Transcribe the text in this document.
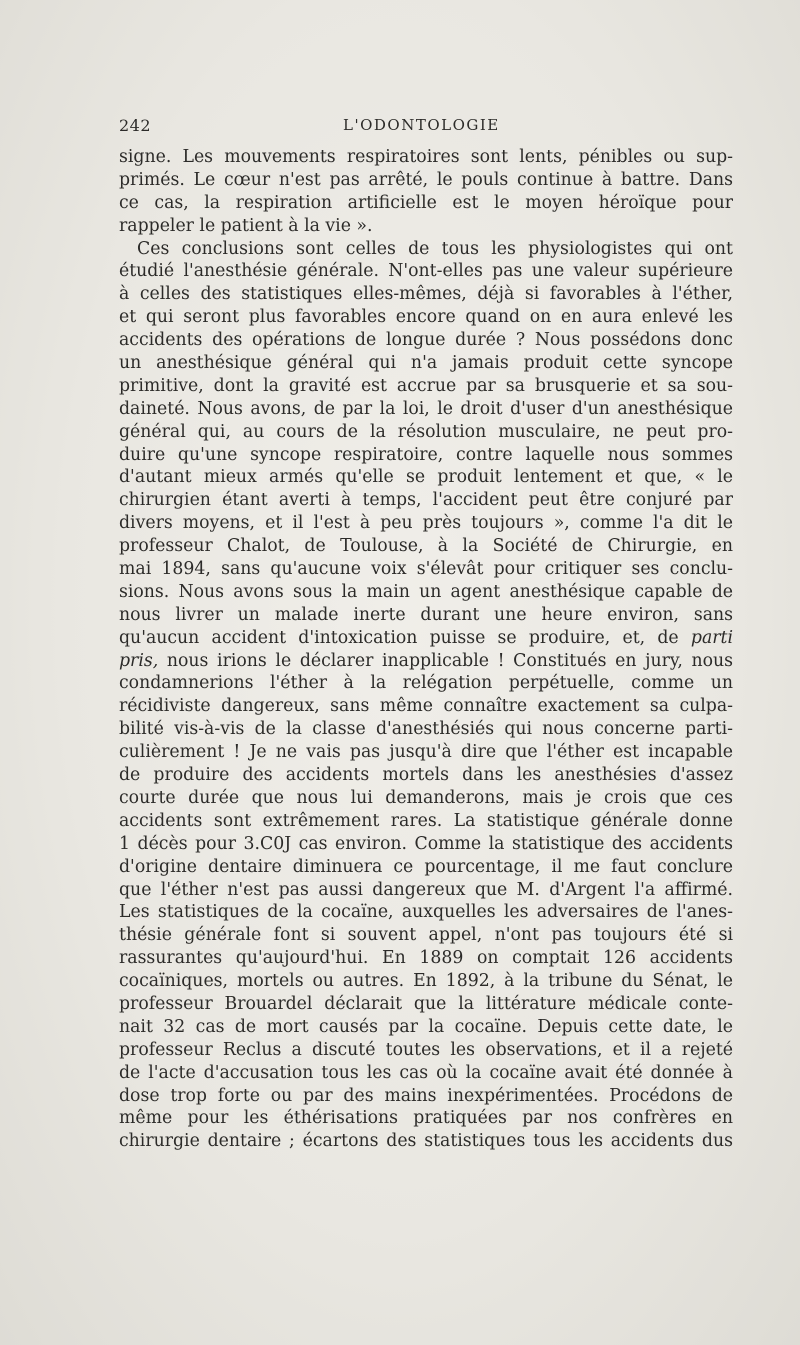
242	L'ODONTOLOGIE
signe. Les mouvements respiratoires sont lents, pénibles ou sup-
primés. Le cœur n'est pas arrêté, le pouls continue à battre. Dans
ce cas, la respiration artificielle est le moyen héroïque pour
rappeler le patient à la vie ».
Ces conclusions sont celles de tous les physiologistes qui ont
étudié l'anesthésie générale. N'ont-elles pas une valeur supérieure
à celles des statistiques elles-mêmes, déjà si favorables à l'éther,
et qui seront plus favorables encore quand on en aura enlevé les
accidents des opérations de longue durée ? Nous possédons donc
un anesthésique général qui n'a jamais produit cette syncope
primitive, dont la gravité est accrue par sa brusquerie et sa sou-
daineté. Nous avons, de par la loi, le droit d'user d'un anesthésique
général qui, au cours de la résolution musculaire, ne peut pro-
duire qu'une syncope respiratoire, contre laquelle nous sommes
d'autant mieux armés qu'elle se produit lentement et que, « le
chirurgien étant averti à temps, l'accident peut être conjuré par
divers moyens, et il l'est à peu près toujours », comme l'a dit le
professeur Chalot, de Toulouse, à la Société de Chirurgie, en
mai 1894, sans qu'aucune voix s'élevât pour critiquer ses conclu-
sions. Nous avons sous la main un agent anesthésique capable de
nous livrer un malade inerte durant une heure environ, sans
qu'aucun accident d'intoxication puisse se produire, et, de parti
pris, nous irions le déclarer inapplicable ! Constitués en jury, nous
condamnerions l'éther à la relégation perpétuelle, comme un
récidiviste dangereux, sans même connaître exactement sa culpa-
bilité vis-à-vis de la classe d'anesthésiés qui nous concerne parti-
culièrement ! Je ne vais pas jusqu'à dire que l'éther est incapable
de produire des accidents mortels dans les anesthésies d'assez
courte durée que nous lui demanderons, mais je crois que ces
accidents sont extrêmement rares. La statistique générale donne
1 décès pour 3.C0J cas environ. Comme la statistique des accidents
d'origine dentaire diminuera ce pourcentage, il me faut conclure
que l'éther n'est pas aussi dangereux que M. d'Argent l'a affirmé.
Les statistiques de la cocaïne, auxquelles les adversaires de l'anes-
thésie générale font si souvent appel, n'ont pas toujours été si
rassurantes qu'aujourd'hui. En 1889 on comptait 126 accidents
cocaïniques, mortels ou autres. En 1892, à la tribune du Sénat, le
professeur Brouardel déclarait que la littérature médicale conte-
nait 32 cas de mort causés par la cocaïne. Depuis cette date, le
professeur Reclus a discuté toutes les observations, et il a rejeté
de l'acte d'accusation tous les cas où la cocaïne avait été donnée à
dose trop forte ou par des mains inexpérimentées. Procédons de
même pour les éthérisations pratiquées par nos confrères en
chirurgie dentaire ; écartons des statistiques tous les accidents dus
